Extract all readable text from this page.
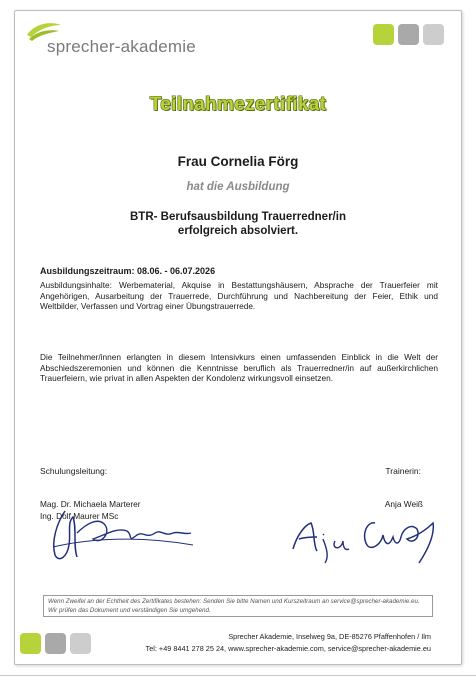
sprecher-akademie
Teilnahmezertifikat
Frau Cornelia Förg
hat die Ausbildung
BTR- Berufsausbildung Trauerredner/in
erfolgreich absolviert.
Ausbildungszeitraum: 08.06. - 06.07.2026
Ausbildungsinhalte: Werbematerial, Akquise in Bestattungshäusern, Absprache der Trauerfeier mit Angehörigen, Ausarbeitung der Trauerrede, Durchführung und Nachbereitung der Feier, Ethik und Weltbilder, Verfassen und Vortrag einer Übungstrauerrede.
Die Teilnehmer/innen erlangten in diesem Intensivkurs einen umfassenden Einblick in die Welt der Abschiedszeremonien und können die Kenntnisse beruflich als Trauerredner/in auf außerkirchlichen Trauerfeiern, wie privat in allen Aspekten der Kondolenz wirkungsvoll einsetzen.
Schulungsleitung:	Trainerin:
Mag. Dr. Michaela Marterer
Ing. Dolf Maurer MSc
Anja Weiß
Wenn Zweifel an der Echtheit des Zertifikates bestehen: Senden Sie bitte Namen und Kurszeitraum an service@sprecher-akademie.eu. Wir prüfen das Dokument und verständigen Sie umgehend.
Sprecher Akademie, Inselweg 9a, DE-85276 Pfaffenhofen / Ilm
Tel: +49 8441 278 25 24, www.sprecher-akademie.com, service@sprecher-akademie.eu
